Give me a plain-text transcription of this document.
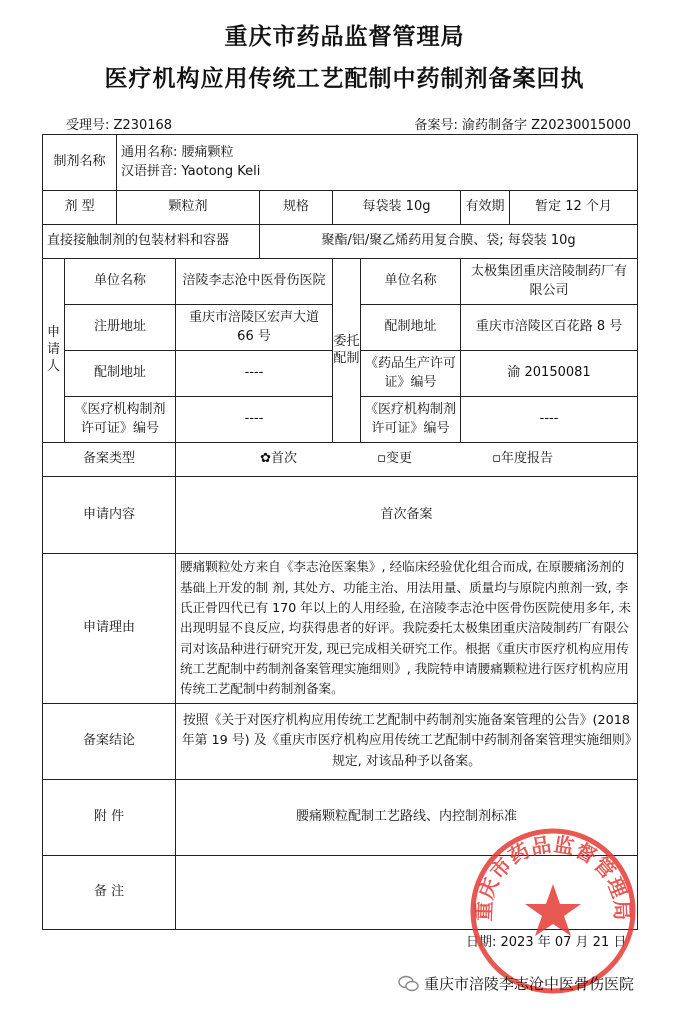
重庆市药品监督管理局
医疗机构应用传统工艺配制中药制剂备案回执
受理号: Z230168	备案号: 渝药制备字 Z20230015000
制剂名称		通用名称: 腰痛颗粒
汉语拼音: Yaotong Keli						

剂 型		颗粒剂		规格	每袋装 10g		有效期	暂定 12 个月
直接接触制剂的包装材料和容器				聚酯/铝/聚乙烯药用复合膜、袋; 每袋装 10g				
申请人	单位名称		涪陵李志沧中医骨伤医院		委托配制	单位名称	太极集团重庆涪陵制药厂有限公司	
	注册地址		重庆市涪陵区宏声大道 66 号			配制地址	重庆市涪陵区百花路 8 号	
	配制地址		----			《药品生产许可证》编号	渝 20150081	
	《医疗机构制剂许可证》编号		----			《医疗机构制剂许可证》编号	----	
备案类型			✿首次 ▫变更 ▫年度报告					

申请内容			首次备案					
申请理由			腰痛颗粒处方来自《李志沧医案集》, 经临床经验优化组合而成, 在原腰痛汤剂的基础上开发的制 剂, 其处方、功能主治、用法用量、质量均与原院内煎剂一致, 李氏正骨四代已有 170 年以上的人用经验, 在涪陵李志沧中医骨伤医院使用多年, 未出现明显不良反应, 均获得患者的好评。我院委托太极集团重庆涪陵制药厂有限公司对该品种进行研究开发, 现已完成相关研究工作。根据《重庆市医疗机构应用传统工艺配制中药制剂备案管理实施细则》, 我院特申请腰痛颗粒进行医疗机构应用传统工艺配制中药制剂备案。					
备案结论			按照《关于对医疗机构应用传统工艺配制中药制剂实施备案管理的公告》(2018 年第 19 号) 及《重庆市医疗机构应用传统工艺配制中药制剂备案管理实施细则》规定, 对该品种予以备案。					
附 件			腰痛颗粒配制工艺路线、内控制剂标准					
备 注								
日期: 2023 年 07 月 21 日
重庆市药品监督管理局
重庆市涪陵李志沧中医骨伤医院
